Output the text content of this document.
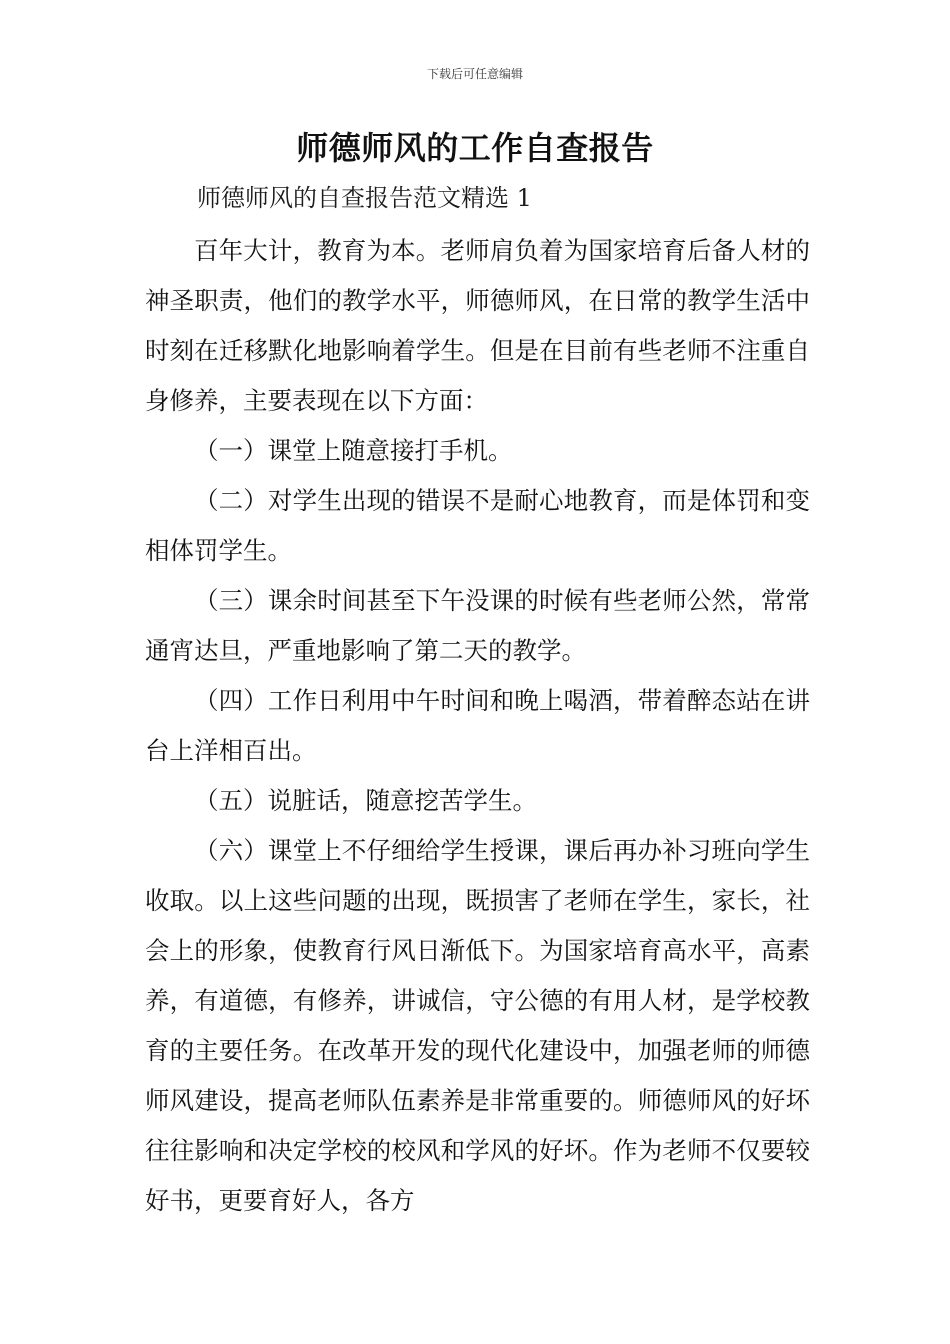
下载后可任意编辑
师德师风的工作自查报告
师德师风的自查报告范文精选 1

百年大计，教育为本。老师肩负着为国家培育后备人材的神圣职责，他们的教学水平，师德师风，在日常的教学生活中时刻在迁移默化地影响着学生。但是在目前有些老师不注重自身修养，主要表现在以下方面：

（一）课堂上随意接打手机。

（二）对学生出现的错误不是耐心地教育，而是体罚和变相体罚学生。

（三）课余时间甚至下午没课的时候有些老师公然，常常通宵达旦，严重地影响了第二天的教学。

（四）工作日利用中午时间和晚上喝酒，带着醉态站在讲台上洋相百出。

（五）说脏话，随意挖苦学生。

（六）课堂上不仔细给学生授课，课后再办补习班向学生收取。以上这些问题的出现，既损害了老师在学生，家长，社会上的形象，使教育行风日渐低下。为国家培育高水平，高素养，有道德，有修养，讲诚信，守公德的有用人材，是学校教育的主要任务。在改革开发的现代化建设中，加强老师的师德师风建设，提高老师队伍素养是非常重要的。师德师风的好坏往往影响和决定学校的校风和学风的好坏。作为老师不仅要较好书，更要育好人，各方
